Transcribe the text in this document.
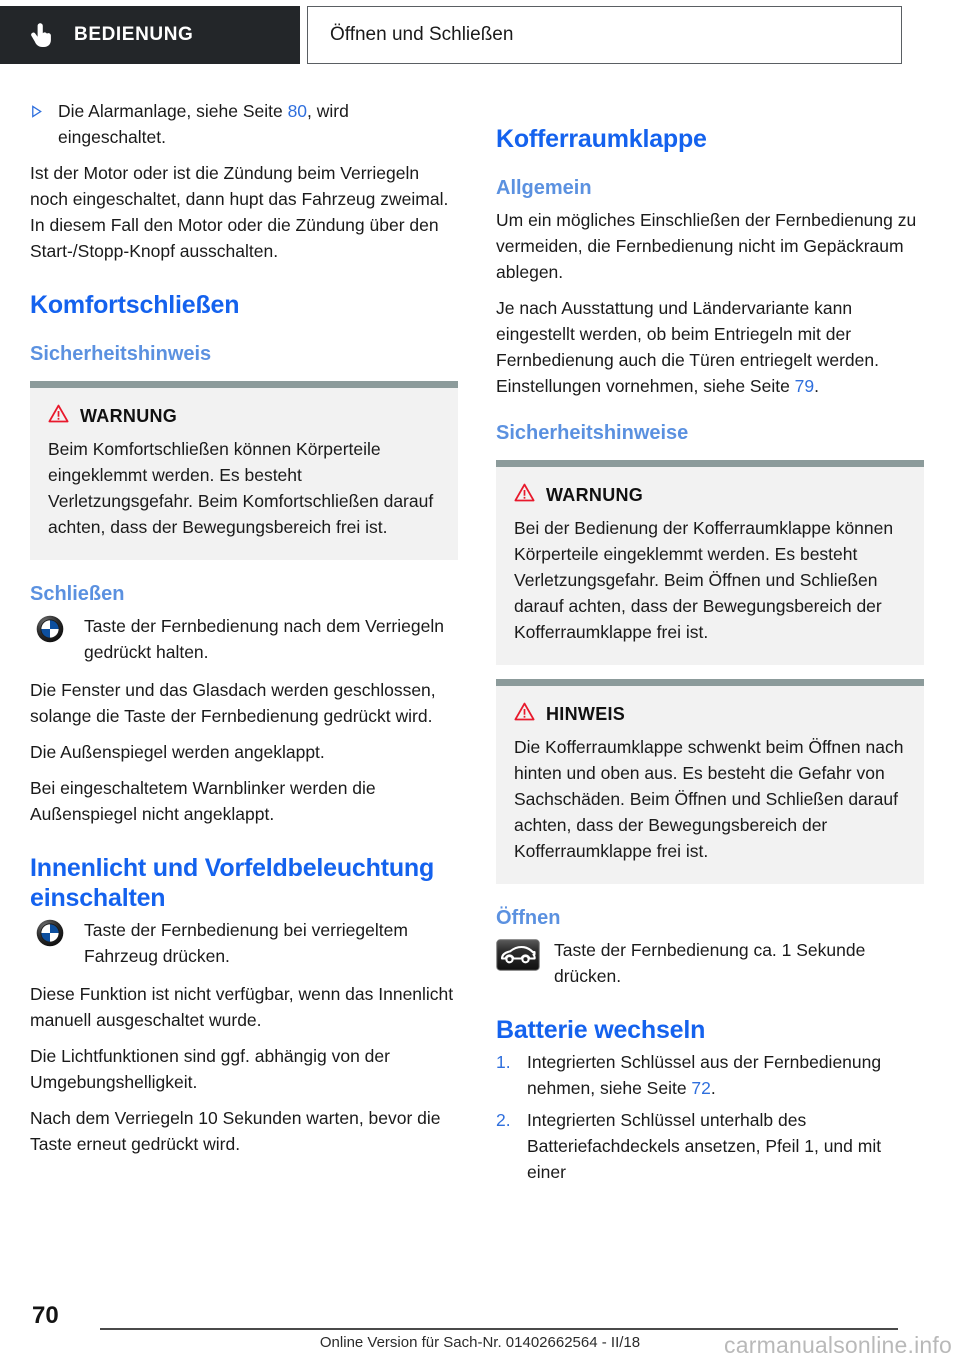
BEDIENUNG	Öffnen und Schließen
Die Alarmanlage, siehe Seite 80, wird eingeschaltet.

Ist der Motor oder ist die Zündung beim Verriegeln noch eingeschaltet, dann hupt das Fahrzeug zweimal. In diesem Fall den Motor oder die Zündung über den Start-/Stopp-Knopf ausschalten.

Komfortschließen
Sicherheitshinweis
WARNUNG
Beim Komfortschließen können Körperteile eingeklemmt werden. Es besteht Verletzungsgefahr. Beim Komfortschließen darauf achten, dass der Bewegungsbereich frei ist.
Schließen
Taste der Fernbedienung nach dem Verriegeln gedrückt halten.

Die Fenster und das Glasdach werden geschlossen, solange die Taste der Fernbedienung gedrückt wird.

Die Außenspiegel werden angeklappt.

Bei eingeschaltetem Warnblinker werden die Außenspiegel nicht angeklappt.

Innenlicht und Vorfeldbeleuchtung einschalten
Taste der Fernbedienung bei verriegeltem Fahrzeug drücken.

Diese Funktion ist nicht verfügbar, wenn das Innenlicht manuell ausgeschaltet wurde.

Die Lichtfunktionen sind ggf. abhängig von der Umgebungshelligkeit.

Nach dem Verriegeln 10 Sekunden warten, bevor die Taste erneut gedrückt wird.

Kofferraumklappe
Allgemein

Um ein mögliches Einschließen der Fernbedienung zu vermeiden, die Fernbedienung nicht im Gepäckraum ablegen.

Je nach Ausstattung und Ländervariante kann eingestellt werden, ob beim Entriegeln mit der Fernbedienung auch die Türen entriegelt werden. Einstellungen vornehmen, siehe Seite 79.

Sicherheitshinweise
WARNUNG
Bei der Bedienung der Kofferraumklappe können Körperteile eingeklemmt werden. Es besteht Verletzungsgefahr. Beim Öffnen und Schließen darauf achten, dass der Bewegungsbereich der Kofferraumklappe frei ist.
HINWEIS
Die Kofferraumklappe schwenkt beim Öffnen nach hinten und oben aus. Es besteht die Gefahr von Sachschäden. Beim Öffnen und Schließen darauf achten, dass der Bewegungsbereich der Kofferraumklappe frei ist.
Öffnen
Taste der Fernbedienung ca. 1 Sekunde drücken.
Batterie wechseln
1. Integrierten Schlüssel aus der Fernbedienung nehmen, siehe Seite 72.
2. Integrierten Schlüssel unterhalb des Batteriefachdeckels ansetzen, Pfeil 1, und mit einer
70
Online Version für Sach-Nr. 01402662564 - II/18	carmanualsonline.info
